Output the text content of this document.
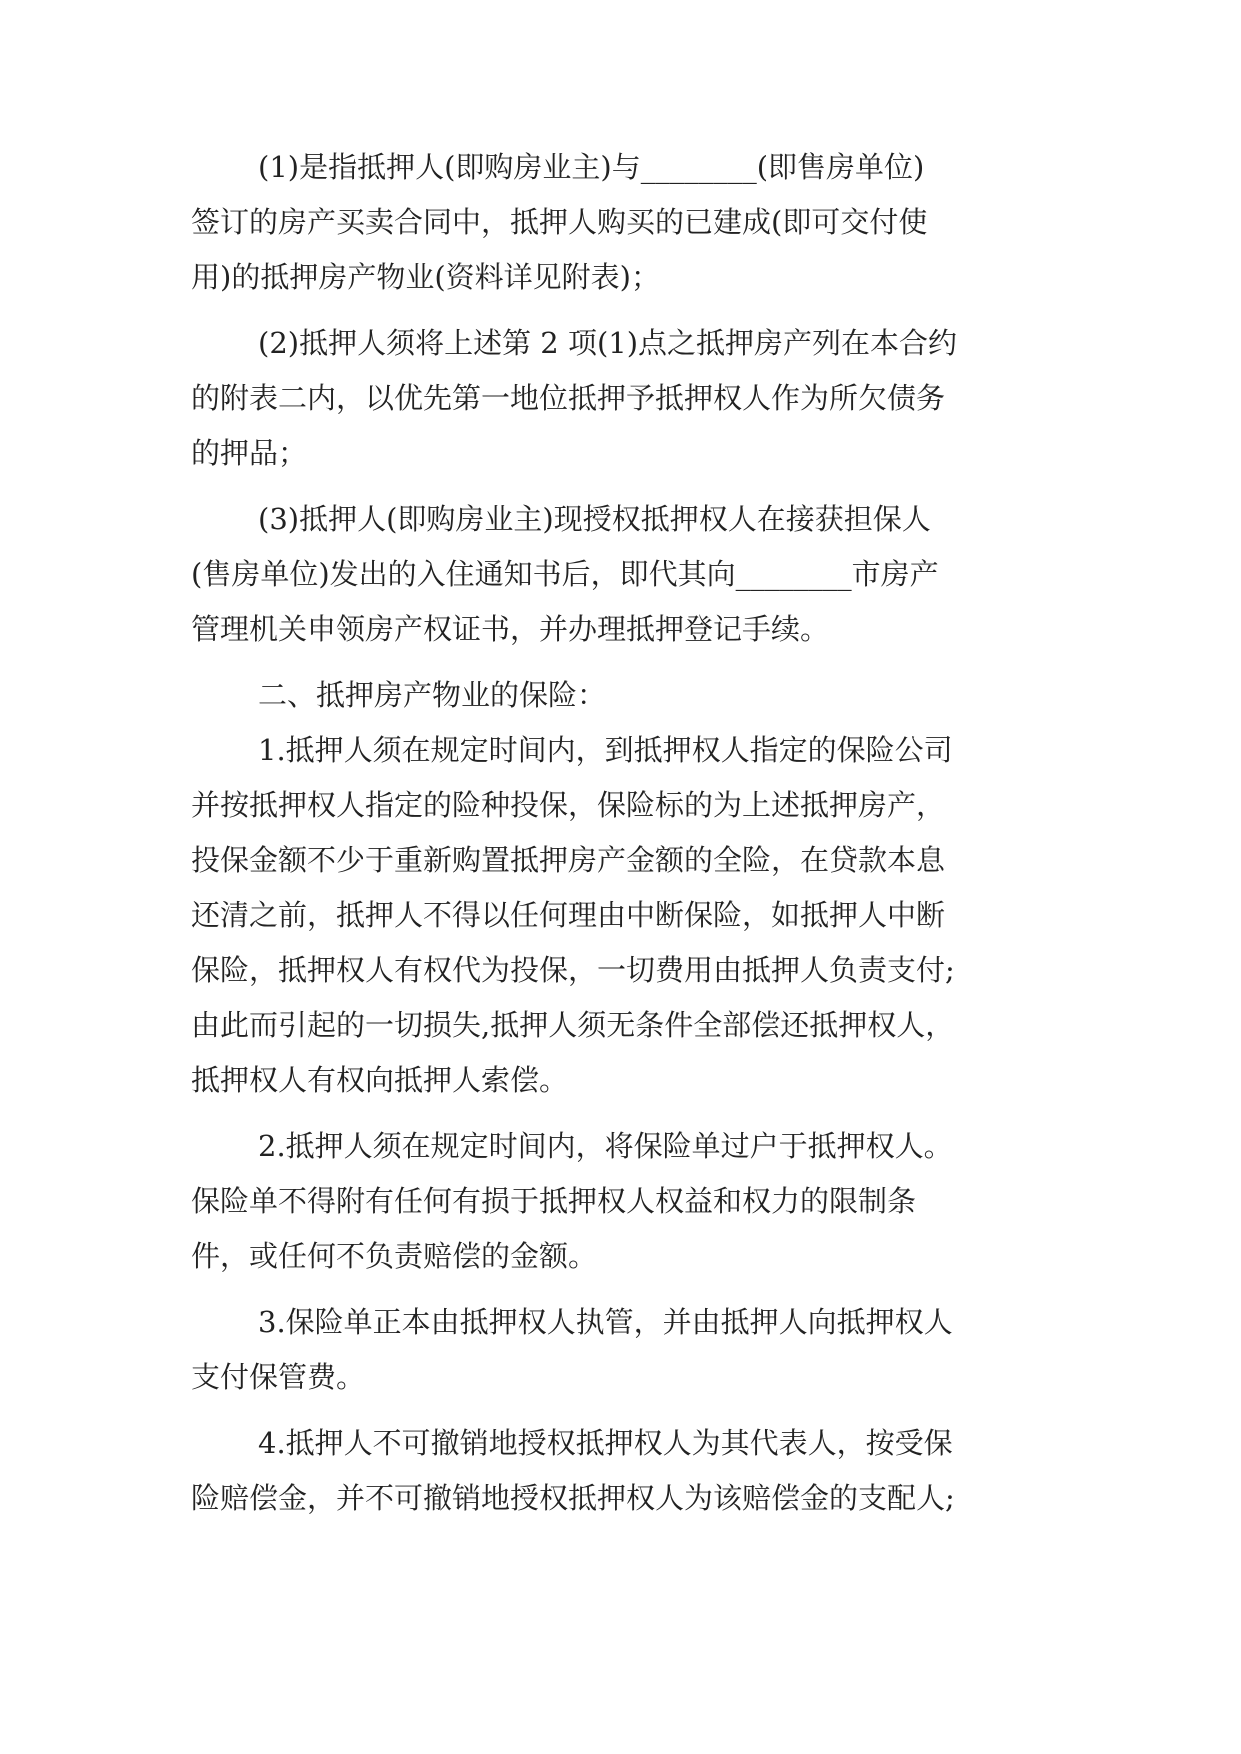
(1)是指抵押人(即购房业主)与________(即售房单位)
签订的房产买卖合同中，抵押人购买的已建成(即可交付使
用)的抵押房产物业(资料详见附表)；
(2)抵押人须将上述第 2 项(1)点之抵押房产列在本合约
的附表二内，以优先第一地位抵押予抵押权人作为所欠债务
的押品；
(3)抵押人(即购房业主)现授权抵押权人在接获担保人
(售房单位)发出的入住通知书后，即代其向________市房产
管理机关申领房产权证书，并办理抵押登记手续。
二、抵押房产物业的保险：
1.抵押人须在规定时间内，到抵押权人指定的保险公司
并按抵押权人指定的险种投保，保险标的为上述抵押房产，
投保金额不少于重新购置抵押房产金额的全险，在贷款本息
还清之前，抵押人不得以任何理由中断保险，如抵押人中断
保险，抵押权人有权代为投保，一切费用由抵押人负责支付;
由此而引起的一切损失,抵押人须无条件全部偿还抵押权人，
抵押权人有权向抵押人索偿。
2.抵押人须在规定时间内，将保险单过户于抵押权人。
保险单不得附有任何有损于抵押权人权益和权力的限制条
件，或任何不负责赔偿的金额。
3.保险单正本由抵押权人执管，并由抵押人向抵押权人
支付保管费。
4.抵押人不可撤销地授权抵押权人为其代表人，按受保
险赔偿金，并不可撤销地授权抵押权人为该赔偿金的支配人;
